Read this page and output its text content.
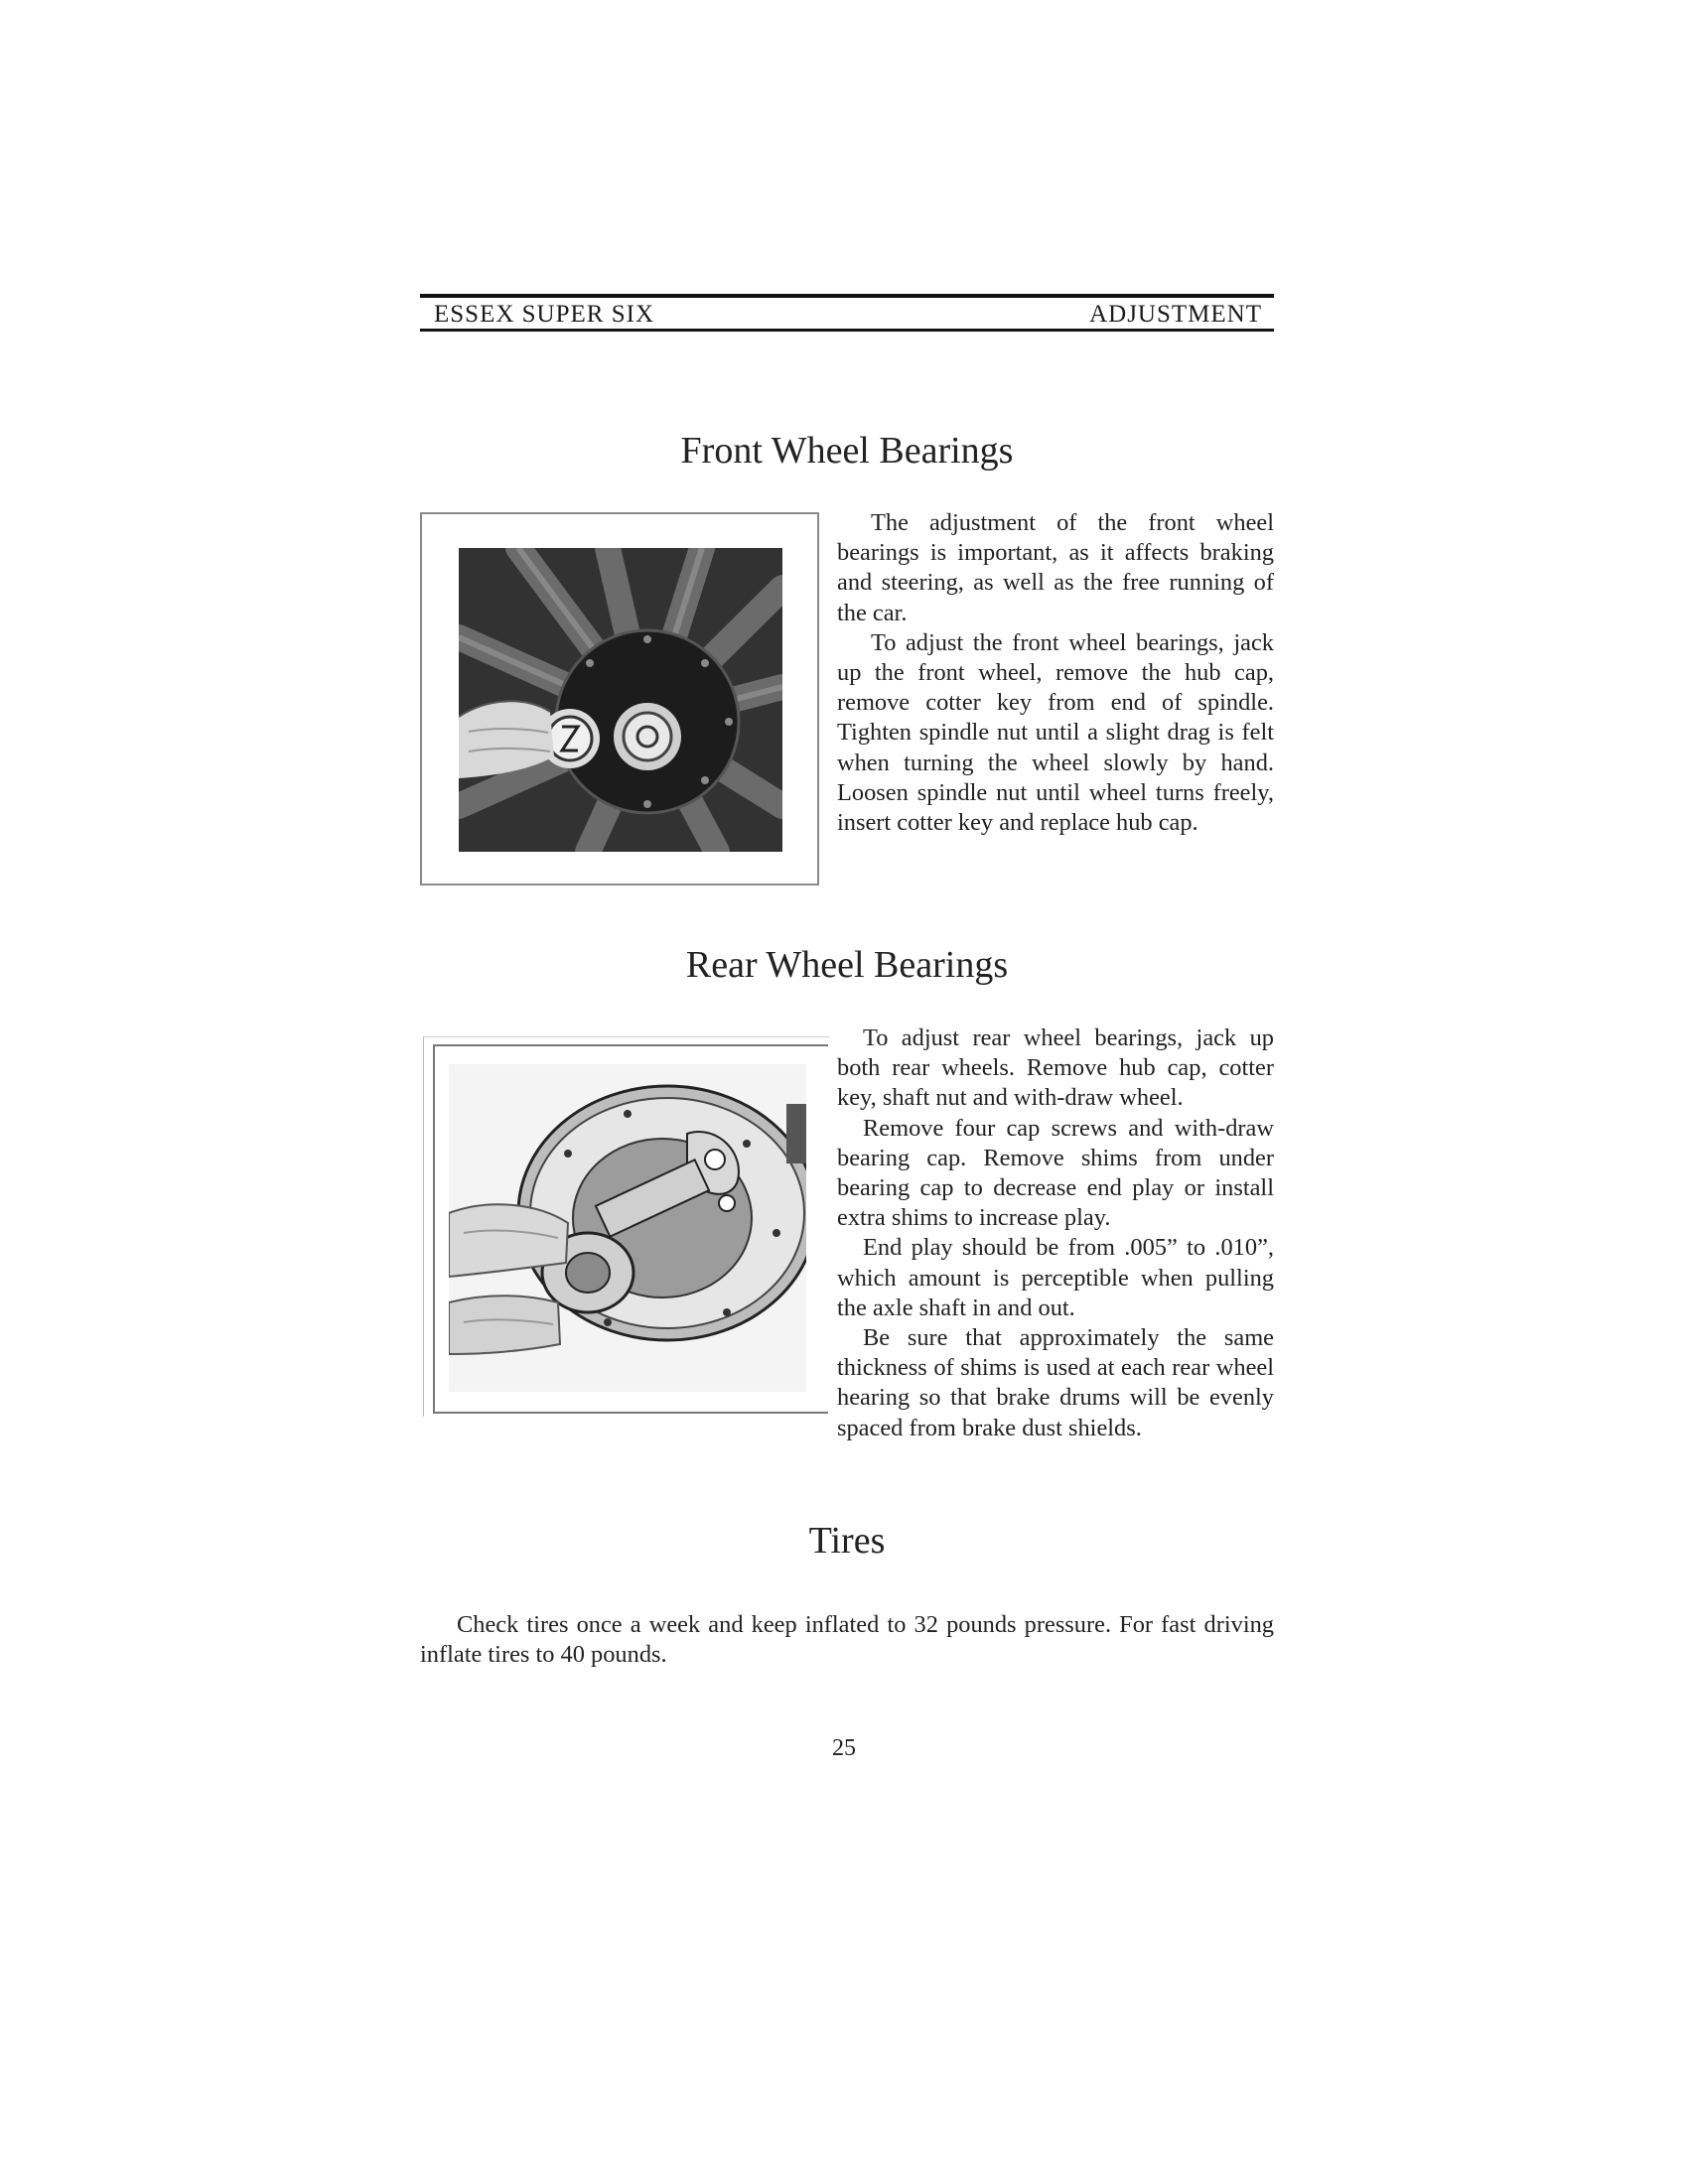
ESSEX SUPER SIX	ADJUSTMENT
Front Wheel Bearings

The adjustment of the front wheel bearings is important, as it affects braking and steering, as well as the free running of the car.

To adjust the front wheel bearings, jack up the front wheel, remove the hub cap, remove cotter key from end of spindle. Tighten spindle nut until a slight drag is felt when turning the wheel slowly by hand. Loosen spindle nut until wheel turns freely, insert cotter key and replace hub cap.

Rear Wheel Bearings

To adjust rear wheel bearings, jack up both rear wheels. Remove hub cap, cotter key, shaft nut and with-draw wheel.

Remove four cap screws and with-draw bearing cap. Remove shims from under bearing cap to decrease end play or install extra shims to increase play.

End play should be from .005” to .010”, which amount is perceptible when pulling the axle shaft in and out.

Be sure that approximately the same thickness of shims is used at each rear wheel hearing so that brake drums will be evenly spaced from brake dust shields.

Tires

Check tires once a week and keep inflated to 32 pounds pressure. For fast driving inflate tires to 40 pounds.

25
